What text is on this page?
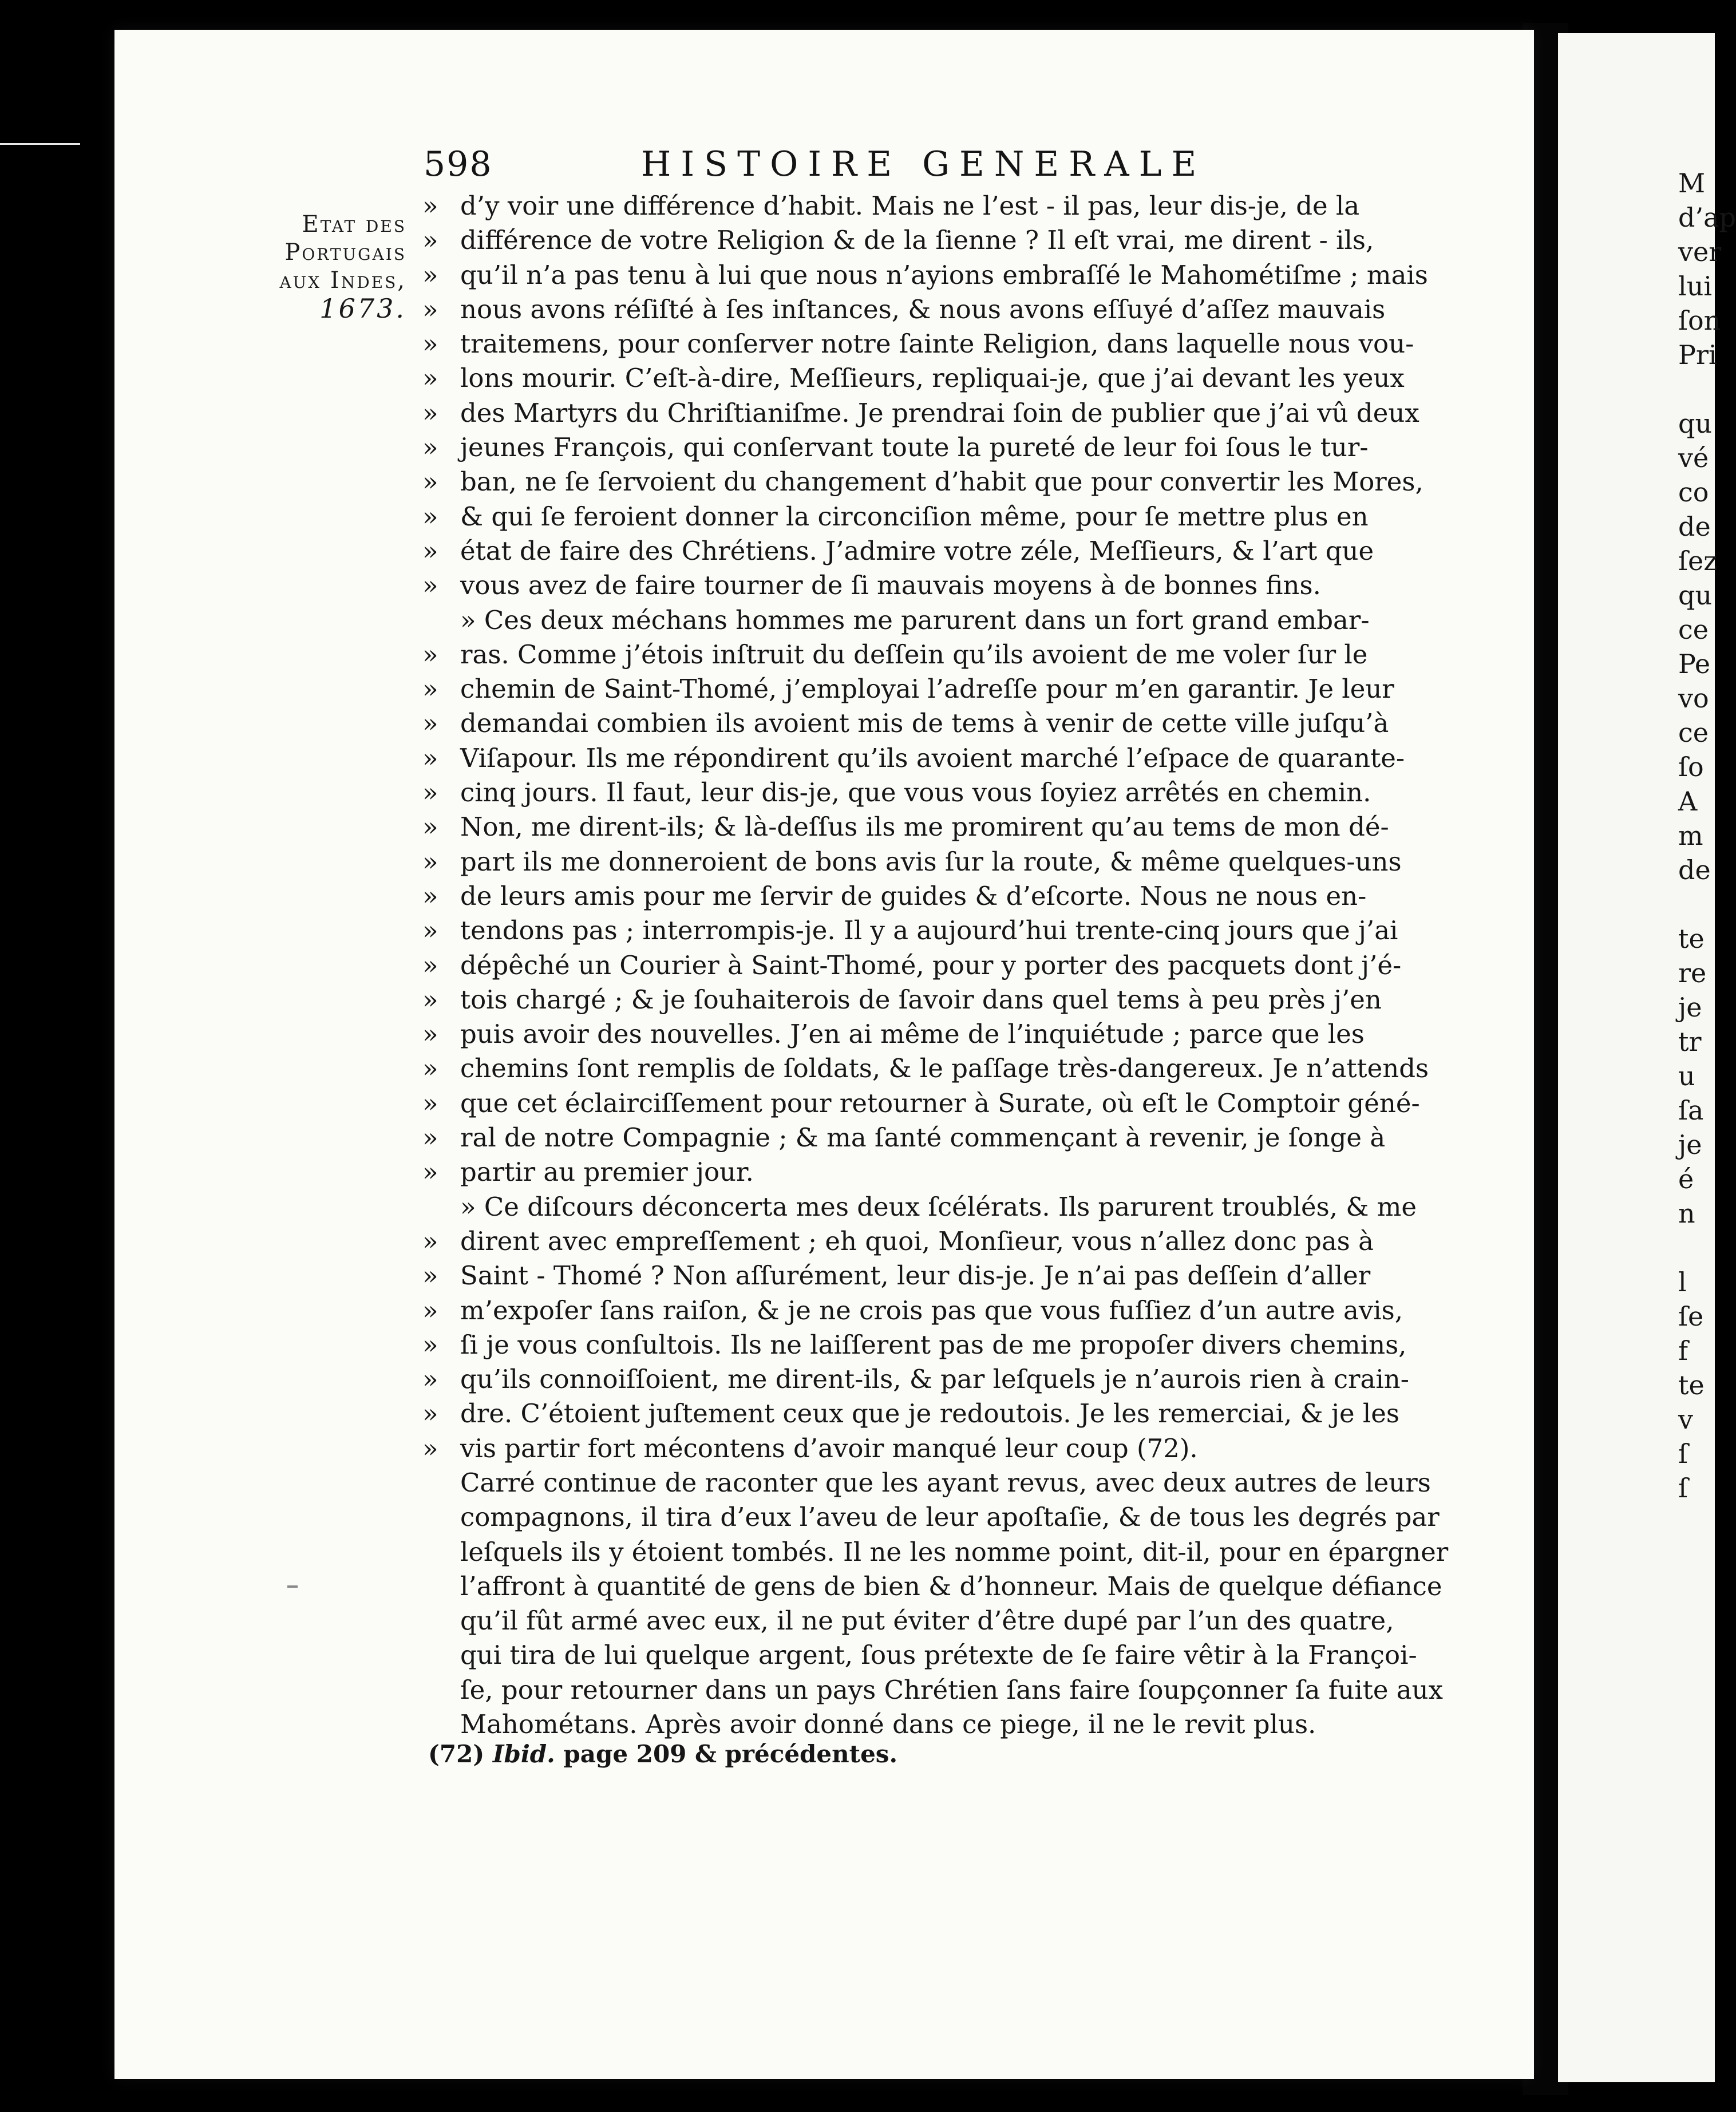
598	HISTOIRE GENERALE
Etat des
Portugais
aux Indes,
1673.
» d’y voir une différence d’habit. Mais ne l’est - il pas, leur dis-je, de la
» différence de votre Religion & de la ſienne ? Il eſt vrai, me dirent - ils,
» qu’il n’a pas tenu à lui que nous n’ayions embraſſé le Mahométiſme ; mais
» nous avons réſiſté à ſes inſtances, & nous avons eſſuyé d’aſſez mauvais
» traitemens, pour conſerver notre ſainte Religion, dans laquelle nous vou-
» lons mourir. C’eſt-à-dire, Meſſieurs, repliquai-je, que j’ai devant les yeux
» des Martyrs du Chriſtianiſme. Je prendrai ſoin de publier que j’ai vû deux
» jeunes François, qui conſervant toute la pureté de leur foi ſous le tur-
» ban, ne ſe ſervoient du changement d’habit que pour convertir les Mores,
» & qui ſe feroient donner la circonciſion même, pour ſe mettre plus en
» état de faire des Chrétiens. J’admire votre zéle, Meſſieurs, & l’art que
» vous avez de faire tourner de ſi mauvais moyens à de bonnes fins.
» Ces deux méchans hommes me parurent dans un fort grand embar-
» ras. Comme j’étois inſtruit du deſſein qu’ils avoient de me voler ſur le
» chemin de Saint-Thomé, j’employai l’adreſſe pour m’en garantir. Je leur
» demandai combien ils avoient mis de tems à venir de cette ville juſqu’à
» Viſapour. Ils me répondirent qu’ils avoient marché l’eſpace de quarante-
» cinq jours. Il faut, leur dis-je, que vous vous ſoyiez arrêtés en chemin.
» Non, me dirent-ils; & là-deſſus ils me promirent qu’au tems de mon dé-
» part ils me donneroient de bons avis ſur la route, & même quelques-uns
» de leurs amis pour me ſervir de guides & d’eſcorte. Nous ne nous en-
» tendons pas ; interrompis-je. Il y a aujourd’hui trente-cinq jours que j’ai
» dépêché un Courier à Saint-Thomé, pour y porter des pacquets dont j’é-
» tois chargé ; & je ſouhaiterois de ſavoir dans quel tems à peu près j’en
» puis avoir des nouvelles. J’en ai même de l’inquiétude ; parce que les
» chemins ſont remplis de ſoldats, & le paſſage très-dangereux. Je n’attends
» que cet éclairciſſement pour retourner à Surate, où eſt le Comptoir géné-
» ral de notre Compagnie ; & ma ſanté commençant à revenir, je ſonge à
» partir au premier jour.
» Ce diſcours déconcerta mes deux ſcélérats. Ils parurent troublés, & me
» dirent avec empreſſement ; eh quoi, Monſieur, vous n’allez donc pas à
» Saint - Thomé ? Non aſſurément, leur dis-je. Je n’ai pas deſſein d’aller
» m’expoſer ſans raiſon, & je ne crois pas que vous fuſſiez d’un autre avis,
» ſi je vous conſultois. Ils ne laiſſerent pas de me propoſer divers chemins,
» qu’ils connoiſſoient, me dirent-ils, & par leſquels je n’aurois rien à crain-
» dre. C’étoient juſtement ceux que je redoutois. Je les remerciai, & je les
» vis partir fort mécontens d’avoir manqué leur coup (72).
Carré continue de raconter que les ayant revus, avec deux autres de leurs
compagnons, il tira d’eux l’aveu de leur apoſtaſie, & de tous les degrés par
leſquels ils y étoient tombés. Il ne les nomme point, dit-il, pour en épargner
l’affront à quantité de gens de bien & d’honneur. Mais de quelque défiance
qu’il fût armé avec eux, il ne put éviter d’être dupé par l’un des quatre,
qui tira de lui quelque argent, ſous prétexte de ſe faire vêtir à la Françoi-
ſe, pour retourner dans un pays Chrétien ſans faire ſoupçonner ſa fuite aux
Mahométans. Après avoir donné dans ce piege, il ne le revit plus.
(72) Ibid. page 209 & précédentes.
M
d’ap
ver
lui
ſon
Pri
qu
vé
co
de
ſez
qu
ce
Pe
vo
ce
ſo
A
m
de
te
re
je
tr
u
ſa
je
é
n
l
ſe
f
te
v
ſ
ſ
